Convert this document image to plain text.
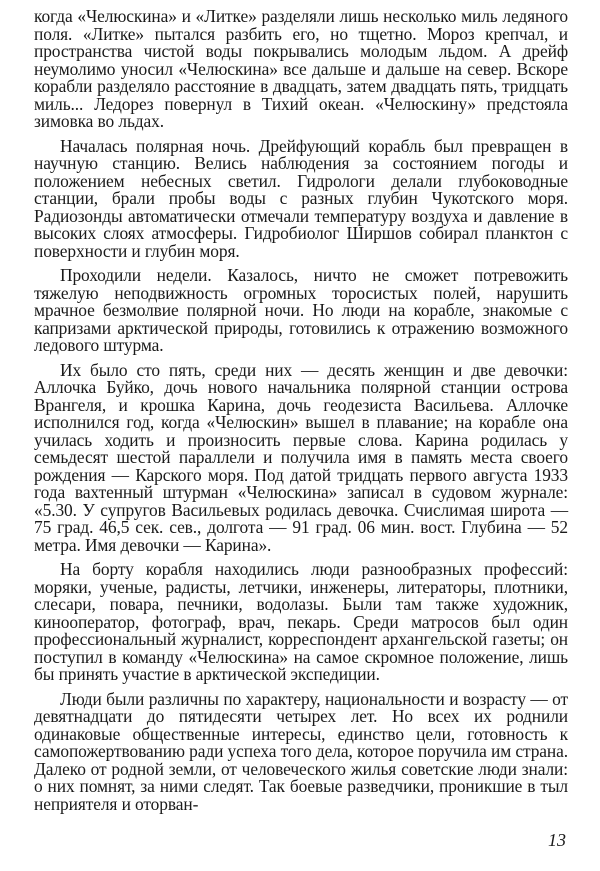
когда «Челюскина» и «Литке» разделяли лишь несколько миль ледяного поля. «Литке» пытался разбить его, но тщетно. Мороз крепчал, и пространства чистой воды покрывались молодым льдом. А дрейф неумолимо уносил «Челюскина» все дальше и дальше на север. Вскоре корабли разделяло расстояние в двадцать, затем двадцать пять, тридцать миль... Ледорез повернул в Тихий океан. «Челюскину» предстояла зимовка во льдах.

Началась полярная ночь. Дрейфующий корабль был превращен в научную станцию. Велись наблюдения за состоянием погоды и положением небесных светил. Гидрологи делали глубоководные станции, брали пробы воды с разных глубин Чукотского моря. Радиозонды автоматически отмечали температуру воздуха и давление в высоких слоях атмосферы. Гидробиолог Ширшов собирал планктон с поверхности и глубин моря.

Проходили недели. Казалось, ничто не сможет потревожить тяжелую неподвижность огромных торосистых полей, нарушить мрачное безмолвие полярной ночи. Но люди на корабле, знакомые с капризами арктической природы, готовились к отражению возможного ледового штурма.

Их было сто пять, среди них — десять женщин и две девочки: Аллочка Буйко, дочь нового начальника полярной станции острова Врангеля, и крошка Карина, дочь геодезиста Васильева. Аллочке исполнился год, когда «Челюскин» вышел в плавание; на корабле она училась ходить и произносить первые слова. Карина родилась у семьдесят шестой параллели и получила имя в память места своего рождения — Карского моря. Под датой тридцать первого августа 1933 года вахтенный штурман «Челюскина» записал в судовом журнале: «5.30. У супругов Васильевых родилась девочка. Счислимая широта — 75 град. 46,5 сек. сев., долгота — 91 град. 06 мин. вост. Глубина — 52 метра. Имя девочки — Карина».

На борту корабля находились люди разнообразных профессий: моряки, ученые, радисты, летчики, инженеры, литераторы, плотники, слесари, повара, печники, водолазы. Были там также художник, кинооператор, фотограф, врач, пекарь. Среди матросов был один профессиональный журналист, корреспондент архангельской газеты; он поступил в команду «Челюскина» на самое скромное положение, лишь бы принять участие в арктической экспедиции.

Люди были различны по характеру, национальности и возрасту — от девятнадцати до пятидесяти четырех лет. Но всех их роднили одинаковые общественные интересы, единство цели, готовность к самопожертвованию ради успеха того дела, которое поручила им страна. Далеко от родной земли, от человеческого жилья советские люди знали: о них помнят, за ними следят. Так боевые разведчики, проникшие в тыл неприятеля и оторван-

13
